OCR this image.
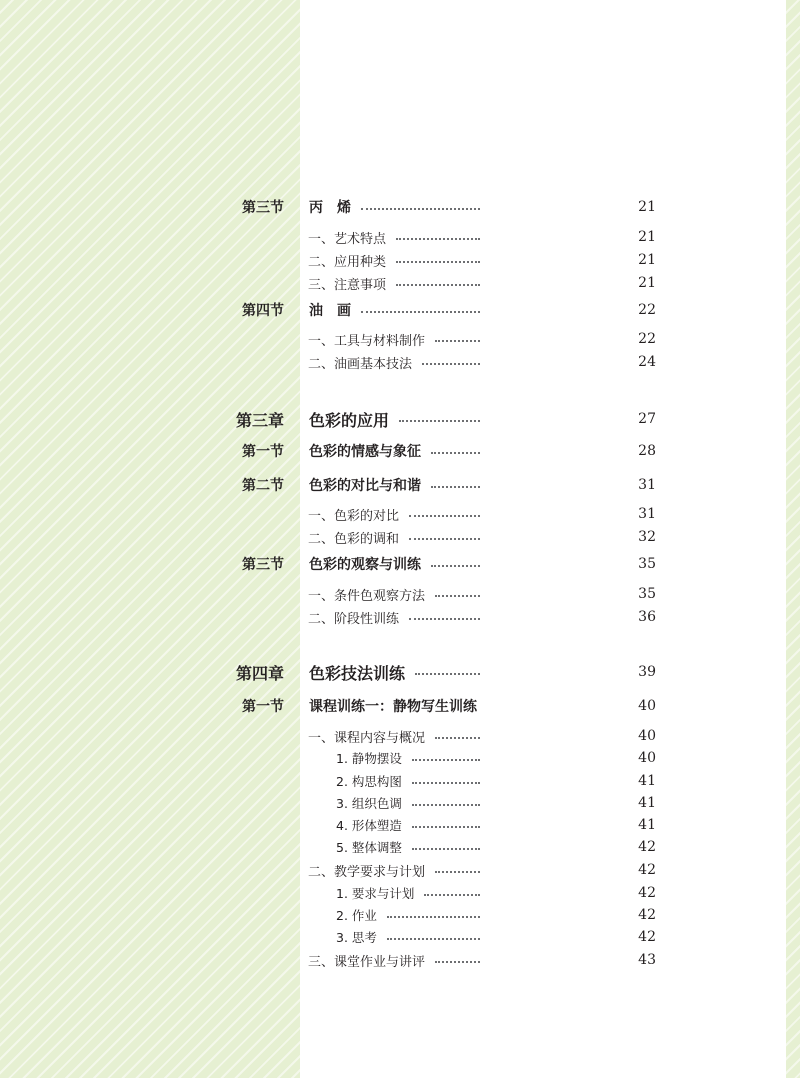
第三节	丙　烯	21
一、艺术特点	21
二、应用种类	21
三、注意事项	21
第四节	油　画	22
一、工具与材料制作	22
二、油画基本技法	24
第三章	色彩的应用	27
第一节	色彩的情感与象征	28
第二节	色彩的对比与和谐	31
一、色彩的对比	31
二、色彩的调和	32
第三节	色彩的观察与训练	35
一、条件色观察方法	35
二、阶段性训练	36
第四章	色彩技法训练	39
第一节	课程训练一：静物写生训练	40
一、课程内容与概况	40
1. 静物摆设	40
2. 构思构图	41
3. 组织色调	41
4. 形体塑造	41
5. 整体调整	42
二、教学要求与计划	42
1. 要求与计划	42
2. 作业	42
3. 思考	42
三、课堂作业与讲评	43
